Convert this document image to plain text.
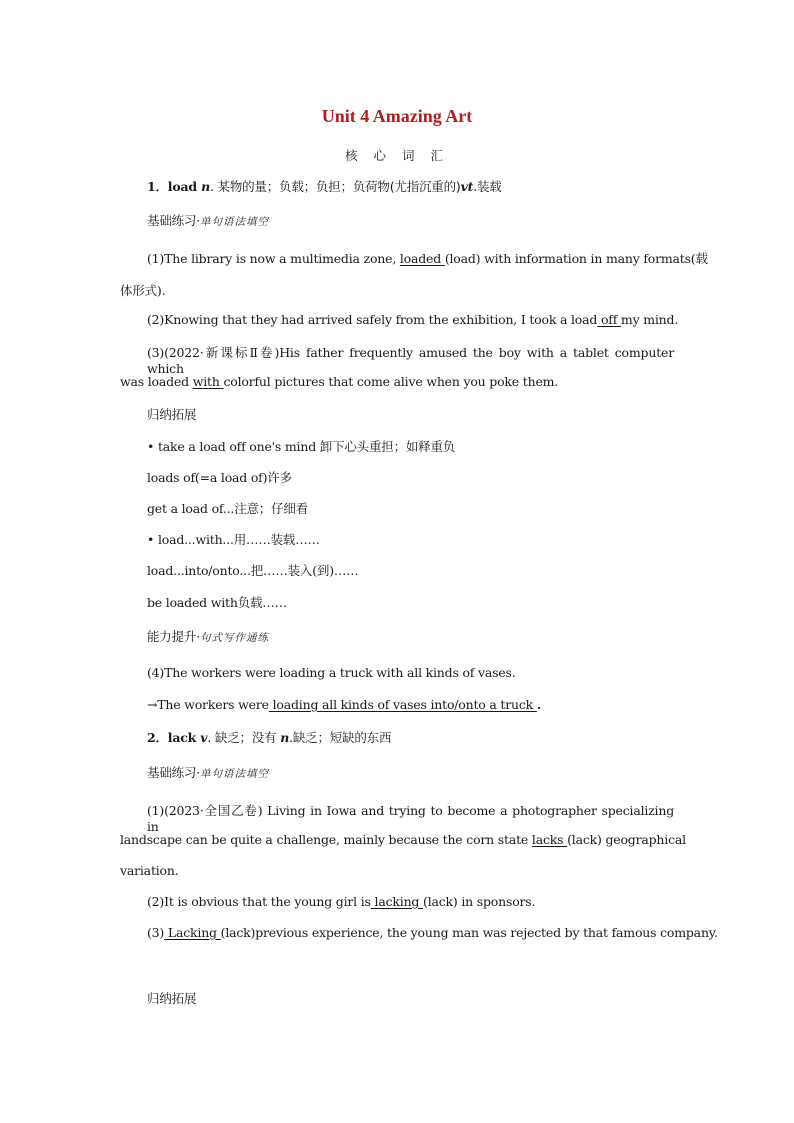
Unit 4 Amazing Art
核 心 词 汇
1．load n. 某物的量；负载；负担；负荷物(尤指沉重的)vt.装载
基础练习·单句语法填空
(1)The library is now a multimedia zone, loaded (load) with information in many formats(载
体形式).
(2)Knowing that they had arrived safely from the exhibition, I took a load off my mind.
(3)(2022·新课标Ⅱ卷)His father frequently amused the boy with a tablet computer which
was loaded with colorful pictures that come alive when you poke them.
归纳拓展
• take a load off one's mind 卸下心头重担；如释重负
loads of(=a load of)许多
get a load of...注意；仔细看
• load...with...用……装载……
load...into/onto...把……装入(到)……
be loaded with负载……
能力提升·句式写作通练
(4)The workers were loading a truck with all kinds of vases.
→The workers were loading all kinds of vases into/onto a truck .
2．lack v. 缺乏；没有 n.缺乏；短缺的东西
基础练习·单句语法填空
(1)(2023·全国乙卷) Living in Iowa and trying to become a photographer specializing in
landscape can be quite a challenge, mainly because the corn state lacks (lack) geographical
variation.
(2)It is obvious that the young girl is lacking (lack) in sponsors.
(3) Lacking (lack)previous experience, the young man was rejected by that famous company.
归纳拓展
